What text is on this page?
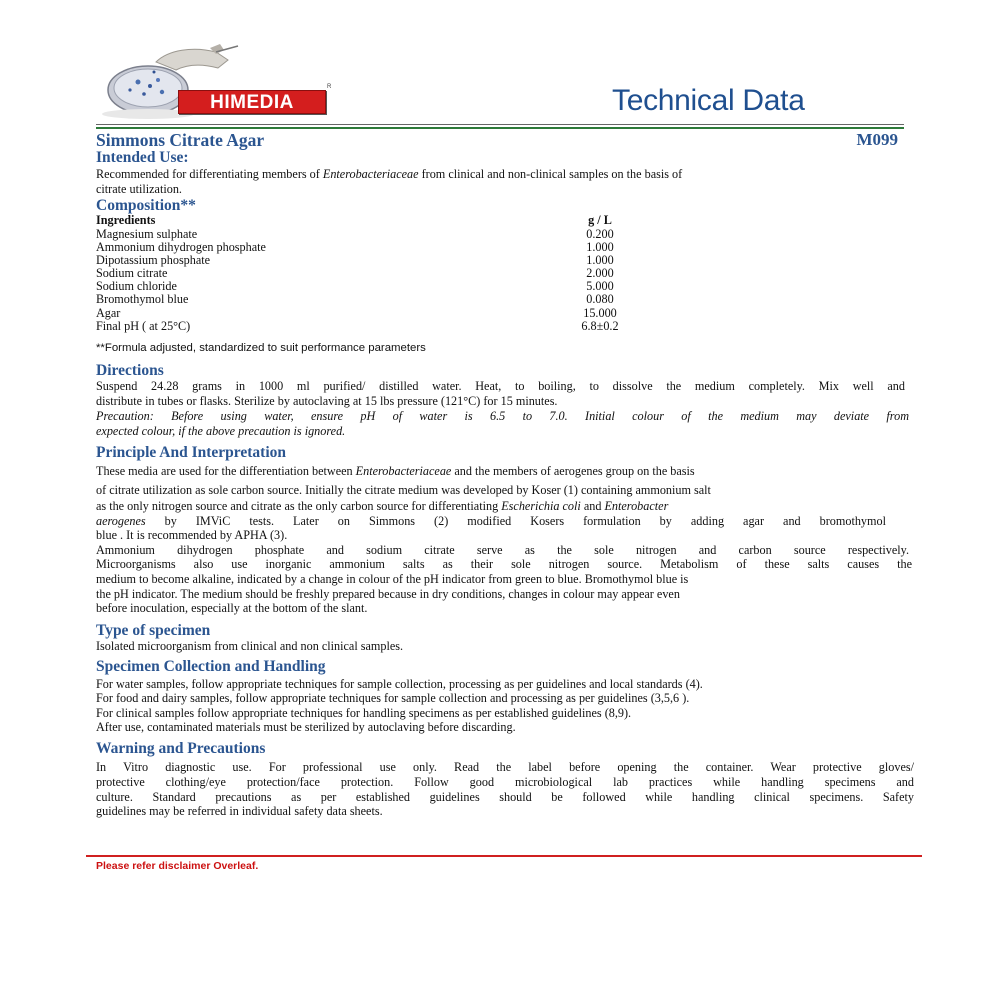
HIMEDIA
R	Technical Data
Simmons Citrate Agar	M099
Intended Use:
Recommended for differentiating members of Enterobacteriaceae from clinical and non-clinical samples on the basis of
citrate utilization.
Composition**
Ingredients	g / L
Magnesium sulphate	0.200
Ammonium dihydrogen phosphate	1.000
Dipotassium phosphate	1.000
Sodium citrate	2.000
Sodium chloride	5.000
Bromothymol blue	0.080
Agar	15.000
Final pH ( at 25°C)	6.8±0.2
**Formula adjusted, standardized to suit performance parameters
Directions
Suspend 24.28 grams in 1000 ml purified/ distilled water. Heat, to boiling, to dissolve the medium completely. Mix well and
distribute in tubes or flasks. Sterilize by autoclaving at 15 lbs pressure (121°C) for 15 minutes.
Precaution: Before using water, ensure pH of water is 6.5 to 7.0. Initial colour of the medium may deviate from
expected colour, if the above precaution is ignored.
Principle And Interpretation
These media are used for the differentiation between Enterobacteriaceae and the members of aerogenes group on the basis
of citrate utilization as sole carbon source. Initially the citrate medium was developed by Koser (1) containing ammonium salt
as the only nitrogen source and citrate as the only carbon source for differentiating Escherichia coli and Enterobacter
aerogenes by IMViC tests. Later on Simmons (2) modified Kosers formulation by adding agar and bromothymol
blue . It is recommended by APHA (3).
Ammonium dihydrogen phosphate and sodium citrate serve as the sole nitrogen and carbon source respectively.
Microorganisms also use inorganic ammonium salts as their sole nitrogen source. Metabolism of these salts causes the
medium to become alkaline, indicated by a change in colour of the pH indicator from green to blue. Bromothymol blue is
the pH indicator. The medium should be freshly prepared because in dry conditions, changes in colour may appear even
before inoculation, especially at the bottom of the slant.
Type of specimen
Isolated microorganism from clinical and non clinical samples.
Specimen Collection and Handling
For water samples, follow appropriate techniques for sample collection, processing as per guidelines and local standards (4).
For food and dairy samples, follow appropriate techniques for sample collection and processing as per guidelines (3,5,6 ).
For clinical samples follow appropriate techniques for handling specimens as per established guidelines (8,9).
After use, contaminated materials must be sterilized by autoclaving before discarding.
Warning and Precautions
In Vitro diagnostic use. For professional use only. Read the label before opening the container. Wear protective gloves/
protective clothing/eye protection/face protection. Follow good microbiological lab practices while handling specimens and
culture. Standard precautions as per established guidelines should be followed while handling clinical specimens. Safety
guidelines may be referred in individual safety data sheets.
Please refer disclaimer Overleaf.
